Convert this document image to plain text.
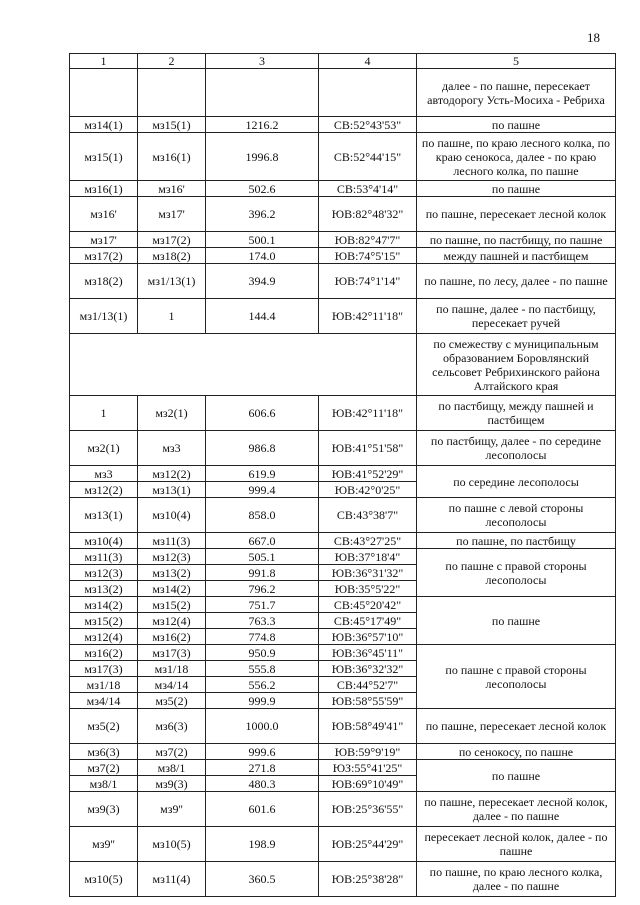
18
1	2	3	4	5
				далее - по пашне, пересекает автодорогу Усть-Мосиха - Ребриха
мз14(1)	мз15(1)	1216.2	СВ:52°43'53"	по пашне
мз15(1)	мз16(1)	1996.8	СВ:52°44'15"	по пашне, по краю лесного колка, по краю сенокоса, далее - по краю лесного колка, по пашне
мз16(1)	мз16'	502.6	СВ:53°4'14"	по пашне
мз16'	мз17'	396.2	ЮВ:82°48'32"	по пашне, пересекает лесной колок
мз17'	мз17(2)	500.1	ЮВ:82°47'7"	по пашне, по пастбищу, по пашне
мз17(2)	мз18(2)	174.0	ЮВ:74°5'15"	между пашней и пастбищем
мз18(2)	мз1/13(1)	394.9	ЮВ:74°1'14"	по пашне, по лесу, далее - по пашне
мз1/13(1)	1	144.4	ЮВ:42°11'18"	по пашне, далее - по пастбищу, пересекает ручей
				по смежеству с муниципальным образованием Боровлянский сельсовет Ребрихинского района Алтайского края
1	мз2(1)	606.6	ЮВ:42°11'18"	по пастбищу, между пашней и пастбищем
мз2(1)	мз3	986.8	ЮВ:41°51'58"	по пастбищу, далее - по середине лесополосы
мз3	мз12(2)	619.9	ЮВ:41°52'29"	по середине лесополосы
мз12(2)	мз13(1)	999.4	ЮВ:42°0'25"	
мз13(1)	мз10(4)	858.0	СВ:43°38'7"	по пашне с левой стороны лесополосы
мз10(4)	мз11(3)	667.0	СВ:43°27'25"	по пашне, по пастбищу
мз11(3)	мз12(3)	505.1	ЮВ:37°18'4"	по пашне с правой стороны лесополосы
мз12(3)	мз13(2)	991.8	ЮВ:36°31'32"	
мз13(2)	мз14(2)	796.2	ЮВ:35°5'22"	
мз14(2)	мз15(2)	751.7	СВ:45°20'42"	по пашне
мз15(2)	мз12(4)	763.3	СВ:45°17'49"	
мз12(4)	мз16(2)	774.8	ЮВ:36°57'10"	
мз16(2)	мз17(3)	950.9	ЮВ:36°45'11"	по пашне с правой стороны лесополосы
мз17(3)	мз1/18	555.8	ЮВ:36°32'32"	
мз1/18	мз4/14	556.2	СВ:44°52'7"	
мз4/14	мз5(2)	999.9	ЮВ:58°55'59"	
мз5(2)	мз6(3)	1000.0	ЮВ:58°49'41"	по пашне, пересекает лесной колок
мз6(3)	мз7(2)	999.6	ЮВ:59°9'19"	по сенокосу, по пашне
мз7(2)	мз8/1	271.8	ЮЗ:55°41'25"	по пашне
мз8/1	мз9(3)	480.3	ЮВ:69°10'49"	
мз9(3)	мз9''	601.6	ЮВ:25°36'55"	по пашне, пересекает лесной колок, далее - по пашне
мз9''	мз10(5)	198.9	ЮВ:25°44'29"	пересекает лесной колок, далее - по пашне
мз10(5)	мз11(4)	360.5	ЮВ:25°38'28"	по пашне, по краю лесного колка, далее - по пашне
